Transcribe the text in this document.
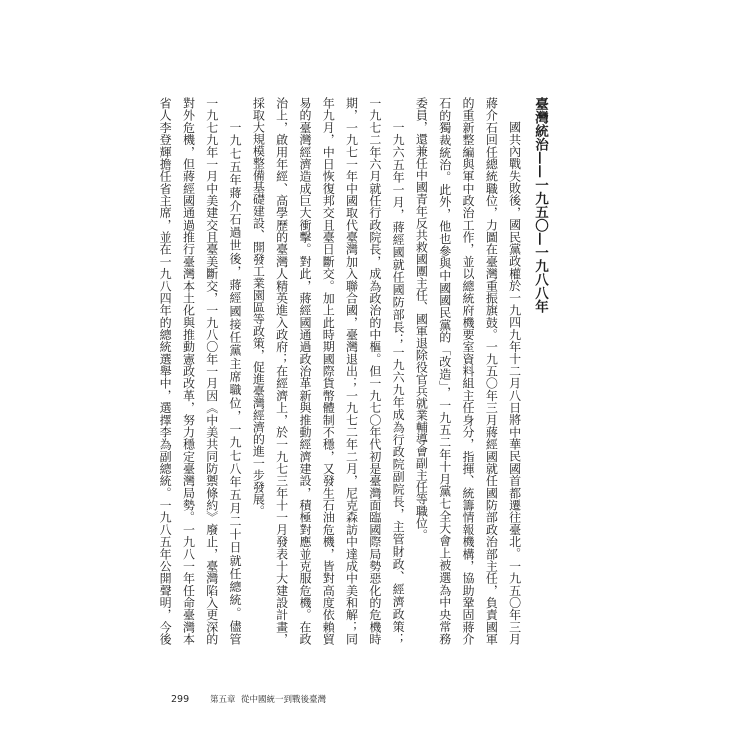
臺灣統治——一九五〇—一九八八年
國共內戰失敗後，國民黨政權於一九四九年十二月八日將中華民國首都遷往臺北。一九五〇年三月
蔣介石回任總統職位，力圖在臺灣重振旗鼓。一九五〇年三月蔣經國就任國防部政治部主任，負責國軍
的重新整編與軍中政治工作，並以總統府機要室資料組主任身分，指揮、統籌情報機構，協助鞏固蔣介
石的獨裁統治。此外，他也參與中國國民黨的「改造」，一九五二年十月黨七全大會上被選為中央常務
委員，還兼任中國青年反共救國團主任、國軍退除役官兵就業輔導會副主任等職位。
一九六五年一月，蔣經國就任國防部長；一九六九年成為行政院副院長，主管財政、經濟政策；
一九七二年六月就任行政院長，成為政治的中樞。但一九七〇年代初是臺灣面臨國際局勢惡化的危機時
期，一九七一年中國取代臺灣加入聯合國，臺灣退出；一九七二年二月，尼克森訪中達成中美和解；同
年九月，中日恢復邦交且臺日斷交。加上此時期國際貨幣體制不穩，又發生石油危機，皆對高度依賴貿
易的臺灣經濟造成巨大衝擊。對此，蔣經國通過政治革新與推動經濟建設，積極對應並克服危機。在政
治上，啟用年經、高學歷的臺灣人精英進入政府；在經濟上，於一九七三年十一月發表十大建設計畫，
採取大規模整備基礎建設、開發工業園區等政策，促進臺灣經濟的進一步發展。
一九七五年蔣介石過世後，蔣經國接任黨主席職位，一九七八年五月二十日就任總統。儘管
一九七九年一月中美建交且臺美斷交，一九八〇年一月因《中美共同防禦條約》廢止，臺灣陷入更深的
對外危機，但蔣經國通過推行臺灣本土化與推動憲政改革，努力穩定臺灣局勢。一九八一年任命臺灣本
省人李登輝擔任省主席，並在一九八四年的總統選舉中，選擇李為副總統。一九八五年公開聲明，今後
299 第五章 從中國統一到戰後臺灣
